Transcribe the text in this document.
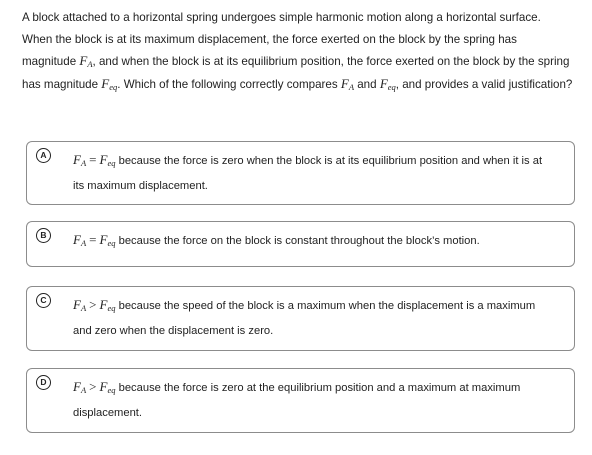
A block attached to a horizontal spring undergoes simple harmonic motion along a horizontal surface. When the block is at its maximum displacement, the force exerted on the block by the spring has magnitude $F_A$, and when the block is at its equilibrium position, the force exerted on the block by the spring has magnitude $F_{eq}$. Which of the following correctly compares $F_A$ and $F_{eq}$, and provides a valid justification?

A	$F_A = F_{eq}$ because the force is zero when the block is at its equilibrium position and when it is at its maximum displacement.
B	$F_A = F_{eq}$ because the force on the block is constant throughout the block’s motion.
C	$F_A > F_{eq}$ because the speed of the block is a maximum when the displacement is a maximum and zero when the displacement is zero.
D	$F_A > F_{eq}$ because the force is zero at the equilibrium position and a maximum at maximum displacement.
